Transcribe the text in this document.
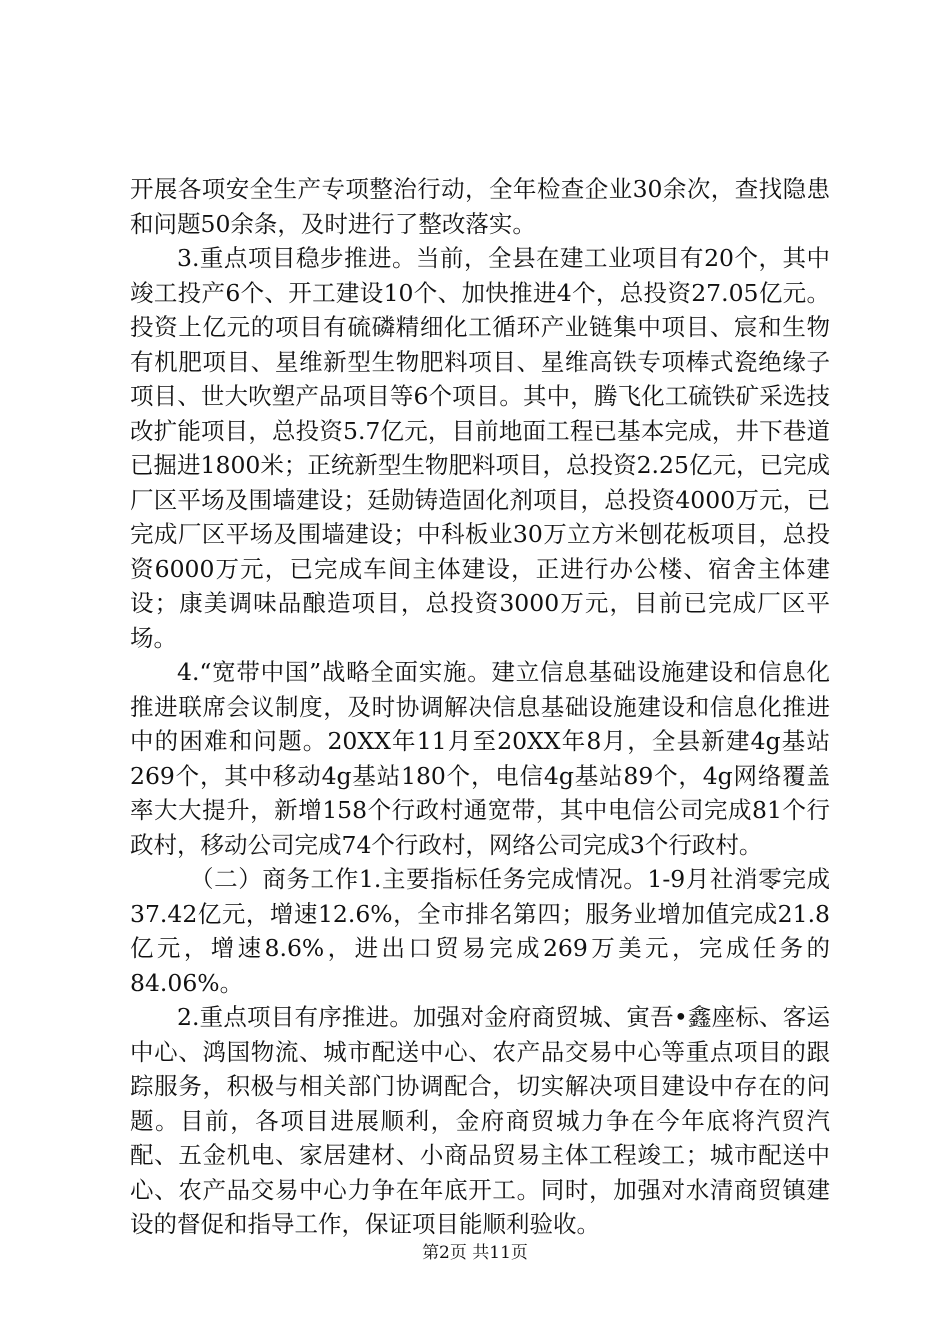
开展各项安全生产专项整治行动，全年检查企业30余次，查找隐患和问题50余条，及时进行了整改落实。

3.重点项目稳步推进。当前，全县在建工业项目有20个，其中竣工投产6个、开工建设10个、加快推进4个，总投资27.05亿元。投资上亿元的项目有硫磷精细化工循环产业链集中项目、宸和生物有机肥项目、星维新型生物肥料项目、星维高铁专项棒式瓷绝缘子项目、世大吹塑产品项目等6个项目。其中，腾飞化工硫铁矿采选技改扩能项目，总投资5.7亿元，目前地面工程已基本完成，井下巷道已掘进1800米；正统新型生物肥料项目，总投资2.25亿元，已完成厂区平场及围墙建设；廷勋铸造固化剂项目，总投资4000万元，已完成厂区平场及围墙建设；中科板业30万立方米刨花板项目，总投资6000万元，已完成车间主体建设，正进行办公楼、宿舍主体建设；康美调味品酿造项目，总投资3000万元，目前已完成厂区平场。

4.“宽带中国”战略全面实施。建立信息基础设施建设和信息化推进联席会议制度，及时协调解决信息基础设施建设和信息化推进中的困难和问题。20XX年11月至20XX年8月，全县新建4g基站269个，其中移动4g基站180个，电信4g基站89个，4g网络覆盖率大大提升，新增158个行政村通宽带，其中电信公司完成81个行政村，移动公司完成74个行政村，网络公司完成3个行政村。

（二）商务工作1.主要指标任务完成情况。1-9月社消零完成37.42亿元，增速12.6%，全市排名第四；服务业增加值完成21.8亿元，增速8.6%，进出口贸易完成269万美元，完成任务的84.06%。

2.重点项目有序推进。加强对金府商贸城、寅吾•鑫座标、客运中心、鸿国物流、城市配送中心、农产品交易中心等重点项目的跟踪服务，积极与相关部门协调配合，切实解决项目建设中存在的问题。目前，各项目进展顺利，金府商贸城力争在今年底将汽贸汽配、五金机电、家居建材、小商品贸易主体工程竣工；城市配送中心、农产品交易中心力争在年底开工。同时，加强对水清商贸镇建设的督促和指导工作，保证项目能顺利验收。

第2页 共11页
